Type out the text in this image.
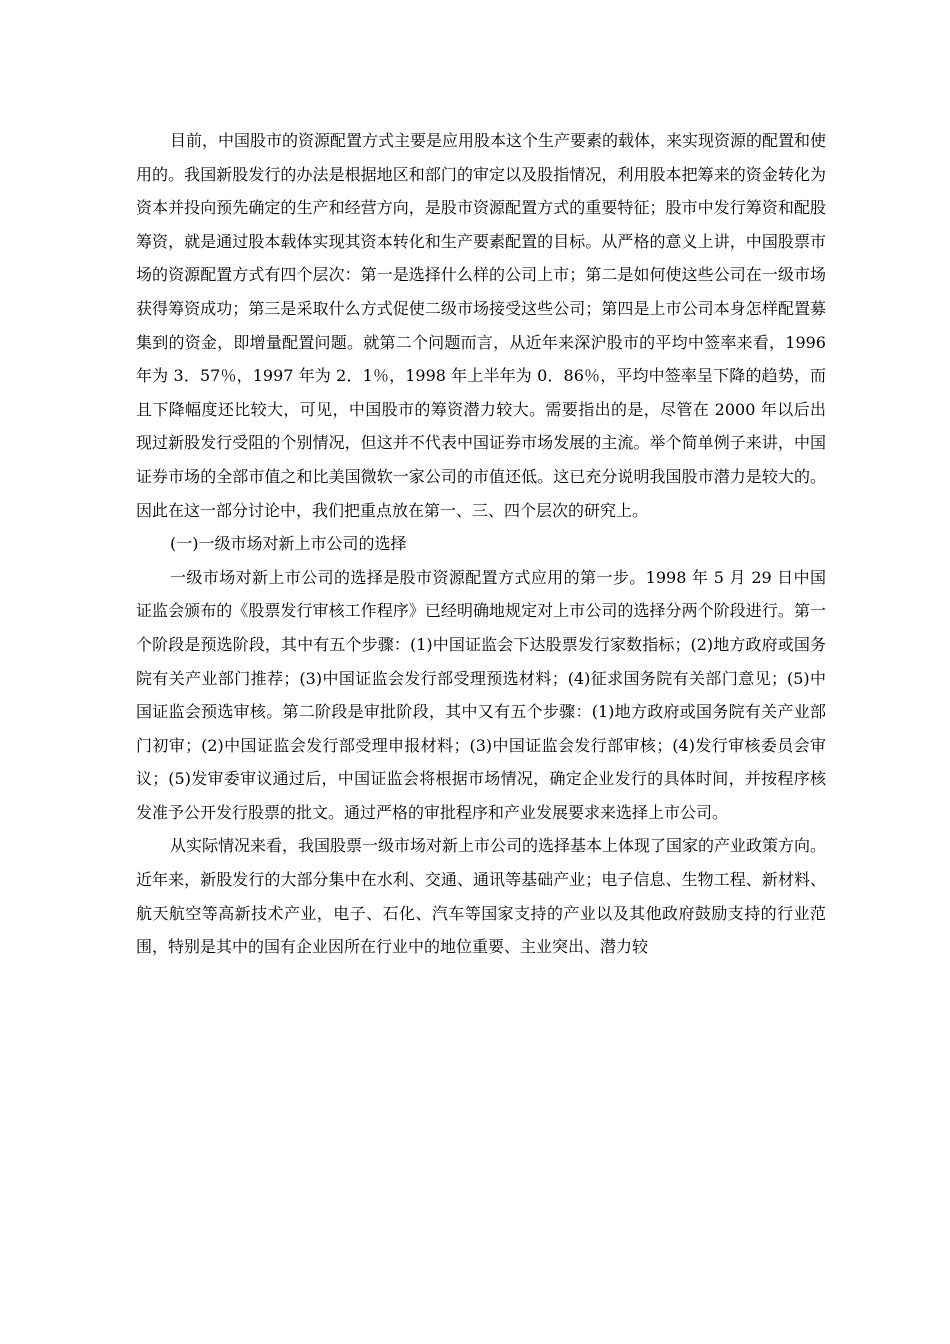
目前，中国股市的资源配置方式主要是应用股本这个生产要素的载体，来实现资源的配置和使用的。我国新股发行的办法是根据地区和部门的审定以及股指情况，利用股本把筹来的资金转化为资本并投向预先确定的生产和经营方向，是股市资源配置方式的重要特征；股市中发行筹资和配股筹资，就是通过股本载体实现其资本转化和生产要素配置的目标。从严格的意义上讲，中国股票市场的资源配置方式有四个层次：第一是选择什么样的公司上市；第二是如何使这些公司在一级市场获得筹资成功；第三是采取什么方式促使二级市场接受这些公司；第四是上市公司本身怎样配置募集到的资金，即增量配置问题。就第二个问题而言，从近年来深沪股市的平均中签率来看，1996 年为 3．57％，1997 年为 2．1％，1998 年上半年为 0．86％，平均中签率呈下降的趋势，而且下降幅度还比较大，可见，中国股市的筹资潜力较大。需要指出的是，尽管在 2000 年以后出现过新股发行受阻的个别情况，但这并不代表中国证券市场发展的主流。举个简单例子来讲，中国证券市场的全部市值之和比美国微软一家公司的市值还低。这已充分说明我国股市潜力是较大的。因此在这一部分讨论中，我们把重点放在第一、三、四个层次的研究上。

(一)一级市场对新上市公司的选择

一级市场对新上市公司的选择是股市资源配置方式应用的第一步。1998 年 5 月 29 日中国证监会颁布的《股票发行审核工作程序》已经明确地规定对上市公司的选择分两个阶段进行。第一个阶段是预选阶段，其中有五个步骤：(1)中国证监会下达股票发行家数指标；(2)地方政府或国务院有关产业部门推荐；(3)中国证监会发行部受理预选材料；(4)征求国务院有关部门意见；(5)中国证监会预选审核。第二阶段是审批阶段，其中又有五个步骤：(1)地方政府或国务院有关产业部门初审；(2)中国证监会发行部受理申报材料；(3)中国证监会发行部审核；(4)发行审核委员会审议；(5)发审委审议通过后，中国证监会将根据市场情况，确定企业发行的具体时间，并按程序核发准予公开发行股票的批文。通过严格的审批程序和产业发展要求来选择上市公司。

从实际情况来看，我国股票一级市场对新上市公司的选择基本上体现了国家的产业政策方向。近年来，新股发行的大部分集中在水利、交通、通讯等基础产业；电子信息、生物工程、新材料、航天航空等高新技术产业，电子、石化、汽车等国家支持的产业以及其他政府鼓励支持的行业范围，特别是其中的国有企业因所在行业中的地位重要、主业突出、潜力较
